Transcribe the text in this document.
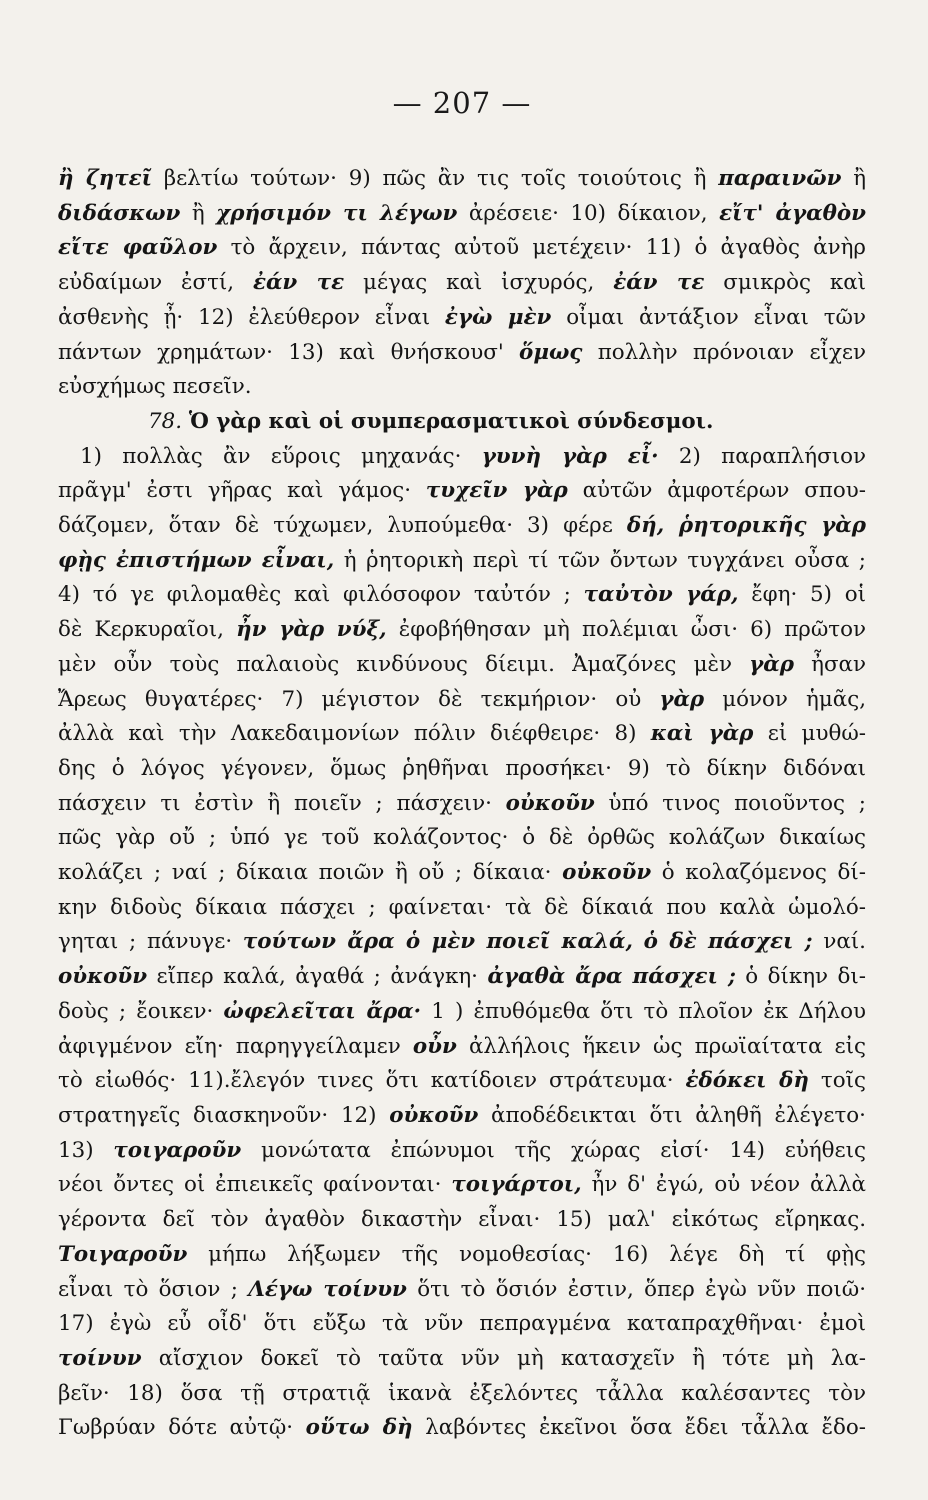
— 207 —
ἢ ζητεῖ βελτίω τούτων· 9) πῶς ἂν τις τοῖς τοιούτοις ἢ παραινῶν ἢ
διδάσκων ἢ χρήσιμόν τι λέγων ἀρέσειε· 10) δίκαιον, εἴτ' ἀγαθὸν
εἴτε φαῦλον τὸ ἄρχειν, πάντας αὐτοῦ μετέχειν· 11) ὁ ἀγαθὸς ἀνὴρ
εὐδαίμων ἐστί, ἐάν τε μέγας καὶ ἰσχυρός, ἐάν τε σμικρὸς καὶ
ἀσθενὴς ᾖ· 12) ἐλεύθερον εἶναι ἐγὼ μὲν οἶμαι ἀντάξιον εἶναι τῶν
πάντων χρημάτων· 13) καὶ θνήσκουσ' ὅμως πολλὴν πρόνοιαν εἶχεν
εὐσχήμως πεσεῖν.
78. Ὁ γὰρ καὶ οἱ συμπερασματικοὶ σύνδεσμοι.
1) πολλὰς ἂν εὕροις μηχανάς· γυνὴ γὰρ εἶ· 2) παραπλήσιον
πρᾶγμ' ἐστι γῆρας καὶ γάμος· τυχεῖν γὰρ αὐτῶν ἀμφοτέρων σπου-
δάζομεν, ὅταν δὲ τύχωμεν, λυπούμεθα· 3) φέρε δή, ῥητορικῆς γὰρ
φῂς ἐπιστήμων εἶναι, ἡ ῥητορικὴ περὶ τί τῶν ὄντων τυγχάνει οὖσα ;
4) τό γε φιλομαθὲς καὶ φιλόσοφον ταὐτόν ; ταὐτὸν γάρ, ἔφη· 5) οἱ
δὲ Κερκυραῖοι, ἦν γὰρ νύξ, ἐφοβήθησαν μὴ πολέμιαι ὦσι· 6) πρῶτον
μὲν οὖν τοὺς παλαιοὺς κινδύνους δίειμι. Ἀμαζόνες μὲν γὰρ ἦσαν
Ἄρεως θυγατέρες· 7) μέγιστον δὲ τεκμήριον· οὐ γὰρ μόνον ἡμᾶς,
ἀλλὰ καὶ τὴν Λακεδαιμονίων πόλιν διέφθειρε· 8) καὶ γὰρ εἰ μυθώ-
δης ὁ λόγος γέγονεν, ὅμως ῥηθῆναι προσήκει· 9) τὸ δίκην διδόναι
πάσχειν τι ἐστὶν ἢ ποιεῖν ; πάσχειν· οὐκοῦν ὑπό τινος ποιοῦντος ;
πῶς γὰρ οὔ ; ὑπό γε τοῦ κολάζοντος· ὁ δὲ ὀρθῶς κολάζων δικαίως
κολάζει ; ναί ; δίκαια ποιῶν ἢ οὔ ; δίκαια· οὐκοῦν ὁ κολαζόμενος δί-
κην διδοὺς δίκαια πάσχει ; φαίνεται· τὰ δὲ δίκαιά που καλὰ ὡμολό-
γηται ; πάνυγε· τούτων ἄρα ὁ μὲν ποιεῖ καλά, ὁ δὲ πάσχει ; ναί.
οὐκοῦν εἴπερ καλά, ἀγαθά ; ἀνάγκη· ἀγαθὰ ἄρα πάσχει ; ὁ δίκην δι-
δοὺς ; ἔοικεν· ὠφελεῖται ἄρα· 1 ) ἐπυθόμεθα ὅτι τὸ πλοῖον ἐκ Δήλου
ἀφιγμένον εἴη· παρηγγείλαμεν οὖν ἀλλήλοις ἥκειν ὡς πρωϊαίτατα εἰς
τὸ εἰωθός· 11).ἔλεγόν τινες ὅτι κατίδοιεν στράτευμα· ἐδόκει δὴ τοῖς
στρατηγεῖς διασκηνοῦν· 12) οὐκοῦν ἀποδέδεικται ὅτι ἀληθῆ ἐλέγετο·
13) τοιγαροῦν μονώτατα ἐπώνυμοι τῆς χώρας εἰσί· 14) εὐήθεις
νέοι ὄντες οἱ ἐπιεικεῖς φαίνονται· τοιγάρτοι, ἦν δ' ἐγώ, οὐ νέον ἀλλὰ
γέροντα δεῖ τὸν ἀγαθὸν δικαστὴν εἶναι· 15) μαλ' εἰκότως εἴρηκας.
Τοιγαροῦν μήπω λήξωμεν τῆς νομοθεσίας· 16) λέγε δὴ τί φῂς
εἶναι τὸ ὅσιον ; Λέγω τοίνυν ὅτι τὸ ὅσιόν ἐστιν, ὅπερ ἐγὼ νῦν ποιῶ·
17) ἐγὼ εὖ οἶδ' ὅτι εὔξω τὰ νῦν πεπραγμένα καταπραχθῆναι· ἐμοὶ
τοίνυν αἴσχιον δοκεῖ τὸ ταῦτα νῦν μὴ κατασχεῖν ἢ τότε μὴ λα-
βεῖν· 18) ὅσα τῇ στρατιᾷ ἱκανὰ ἐξελόντες τἆλλα καλέσαντες τὸν
Γωβρύαν δότε αὐτῷ· οὕτω δὴ λαβόντες ἐκεῖνοι ὅσα ἔδει τἆλλα ἔδο-
